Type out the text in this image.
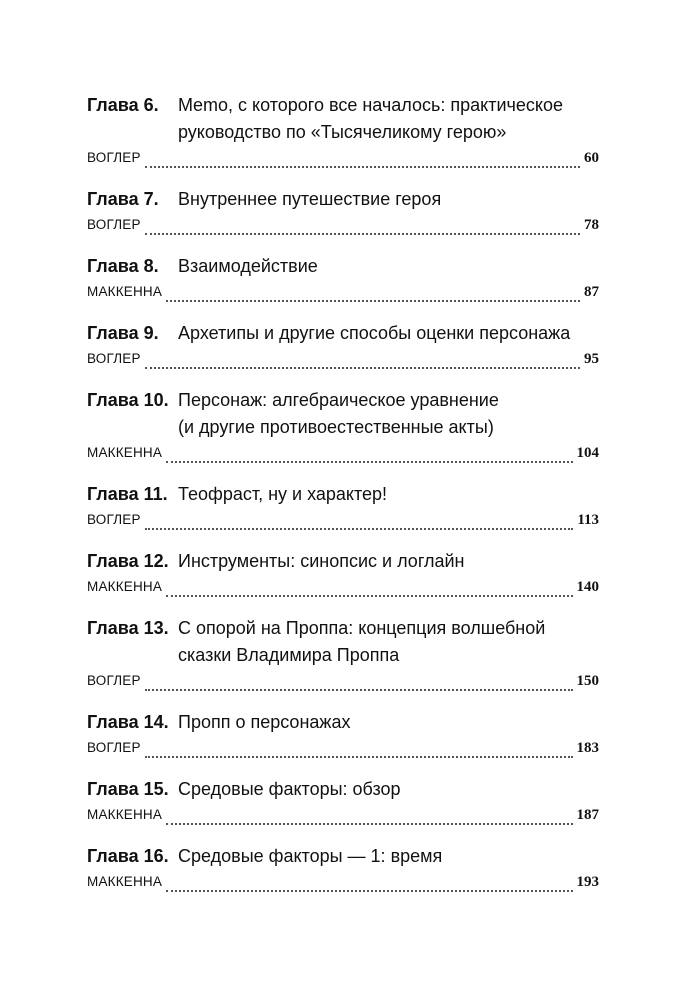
Глава 6.	Memo, с которого все началось: практическое
руководство по «Тысячеликому герою»
ВОГЛЕР	60
Глава 7.	Внутреннее путешествие героя
ВОГЛЕР	78
Глава 8.	Взаимодействие
МАККЕННА	87
Глава 9.	Архетипы и другие способы оценки персонажа
ВОГЛЕР	95
Глава 10. Персонаж: алгебраическое уравнение
(и другие противоестественные акты)
МАККЕННА	104
Глава 11. Теофраст, ну и характер!
ВОГЛЕР	113
Глава 12. Инструменты: синопсис и логлайн
МАККЕННА	140
Глава 13. С опорой на Проппа: концепция волшебной
сказки Владимира Проппа
ВОГЛЕР	150
Глава 14. Пропп о персонажах
ВОГЛЕР	183
Глава 15. Средовые факторы: обзор
МАККЕННА	187
Глава 16. Средовые факторы — 1: время
МАККЕННА	193
